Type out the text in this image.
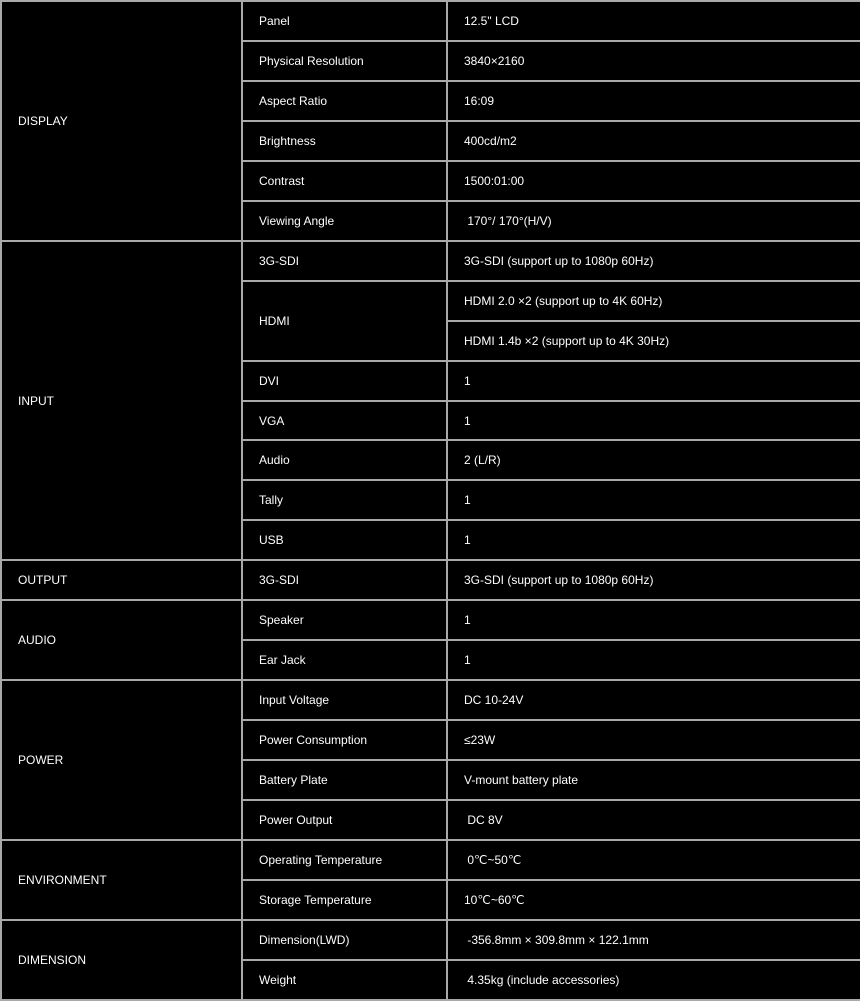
DISPLAY	Panel	12.5" LCD
	Physical Resolution	3840×2160
	Aspect Ratio	16:09
	Brightness	400cd/m2
	Contrast	1500:01:00
	Viewing Angle	170°/ 170°(H/V)
INPUT	3G-SDI	3G-SDI (support up to 1080p 60Hz)
	HDMI	HDMI 2.0 ×2 (support up to 4K 60Hz)
		HDMI 1.4b ×2 (support up to 4K 30Hz)
	DVI	1
	VGA	1
	Audio	2 (L/R)
	Tally	1
	USB	1
OUTPUT	3G-SDI	3G-SDI (support up to 1080p 60Hz)
AUDIO	Speaker	1
	Ear Jack	1
POWER	Input Voltage	DC 10-24V
	Power Consumption	≤23W
	Battery Plate	V-mount battery plate
	Power Output	DC 8V
ENVIRONMENT	Operating Temperature	0℃~50℃
	Storage Temperature	10℃~60℃
DIMENSION	Dimension(LWD)	-356.8mm × 309.8mm × 122.1mm
	Weight	4.35kg (include accessories)
